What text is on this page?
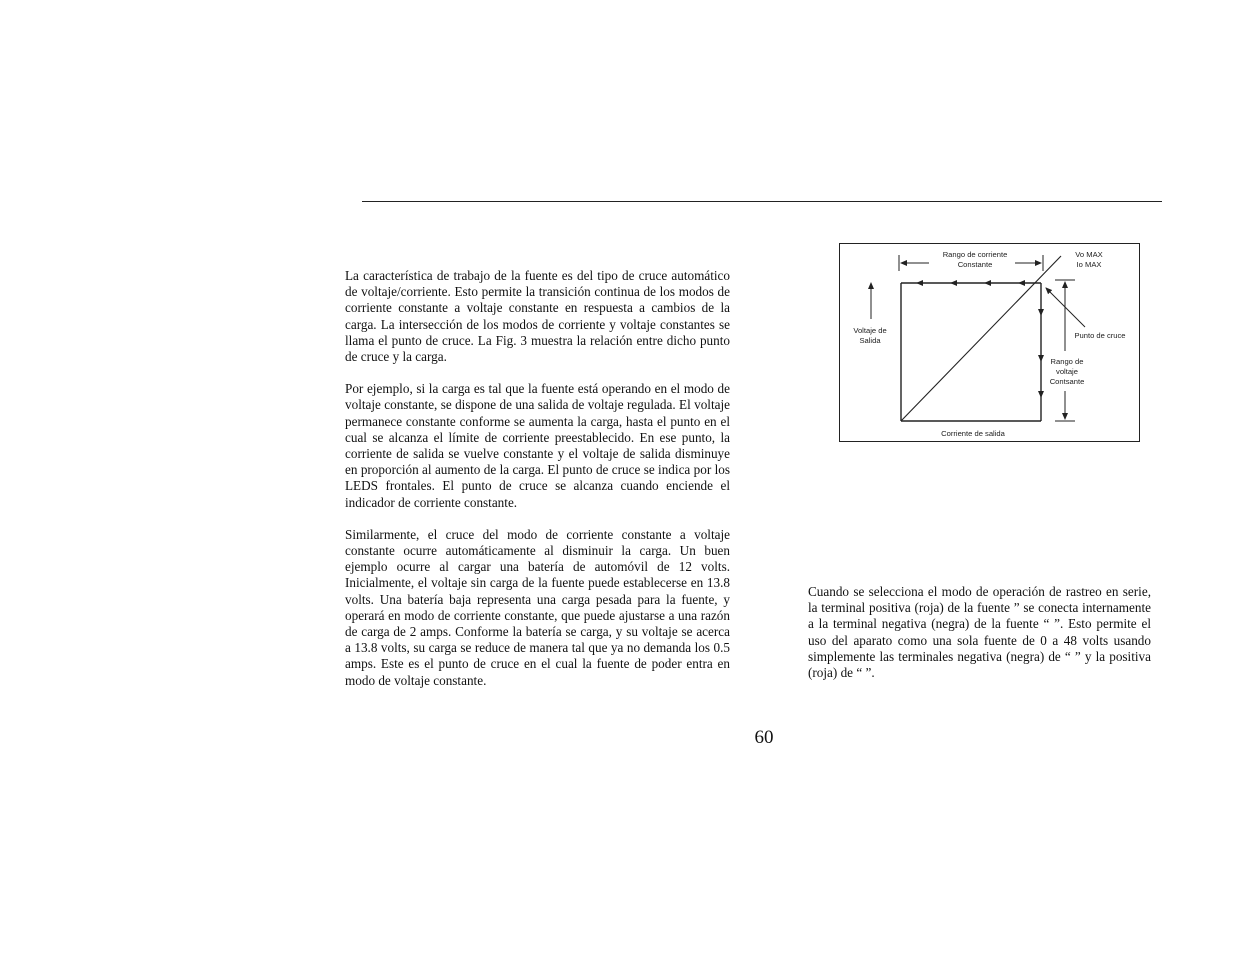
La característica de trabajo de la fuente es del tipo de cruce automático de voltaje/corriente. Esto permite la transición continua de los modos de corriente constante a voltaje constante en respuesta a cambios de la carga. La intersección de los modos de corriente y voltaje constantes se llama el punto de cruce. La Fig. 3 muestra la relación entre dicho punto de cruce y la carga.

Por ejemplo, si la carga es tal que la fuente está operando en el modo de voltaje constante, se dispone de una salida de voltaje regulada. El voltaje permanece constante conforme se aumenta la carga, hasta el punto en el cual se alcanza el límite de corriente preestablecido. En ese punto, la corriente de salida se vuelve constante y el voltaje de salida disminuye en proporción al aumento de la carga. El punto de cruce se indica por los LEDS frontales. El punto de cruce se alcanza cuando enciende el indicador de corriente constante.

Similarmente, el cruce del modo de corriente constante a voltaje constante ocurre automáticamente al disminuir la carga. Un buen ejemplo ocurre al cargar una batería de automóvil de 12 volts. Inicialmente, el voltaje sin carga de la fuente puede establecerse en 13.8 volts. Una batería baja representa una carga pesada para la fuente, y operará en modo de corriente constante, que puede ajustarse a una razón de carga de 2 amps. Conforme la batería se carga, y su voltaje se acerca a 13.8 volts, su carga se reduce de manera tal que ya no demanda los 0.5 amps. Este es el punto de cruce en el cual la fuente de poder entra en modo de voltaje constante.

Rango de corriente
Constante
Vo MAX
Io MAX
Voltaje de
Salida
Punto de cruce
Rango de
voltaje
Contsante
Corriente de salida

Cuando se selecciona el modo de operación de rastreo en serie, la terminal positiva (roja) de la fuente ” se conecta internamente a la terminal negativa (negra) de la fuente “ ”. Esto permite el uso del aparato como una sola fuente de 0 a 48 volts usando simplemente las terminales negativa (negra) de “ ” y la positiva (roja) de “ ”.

60
